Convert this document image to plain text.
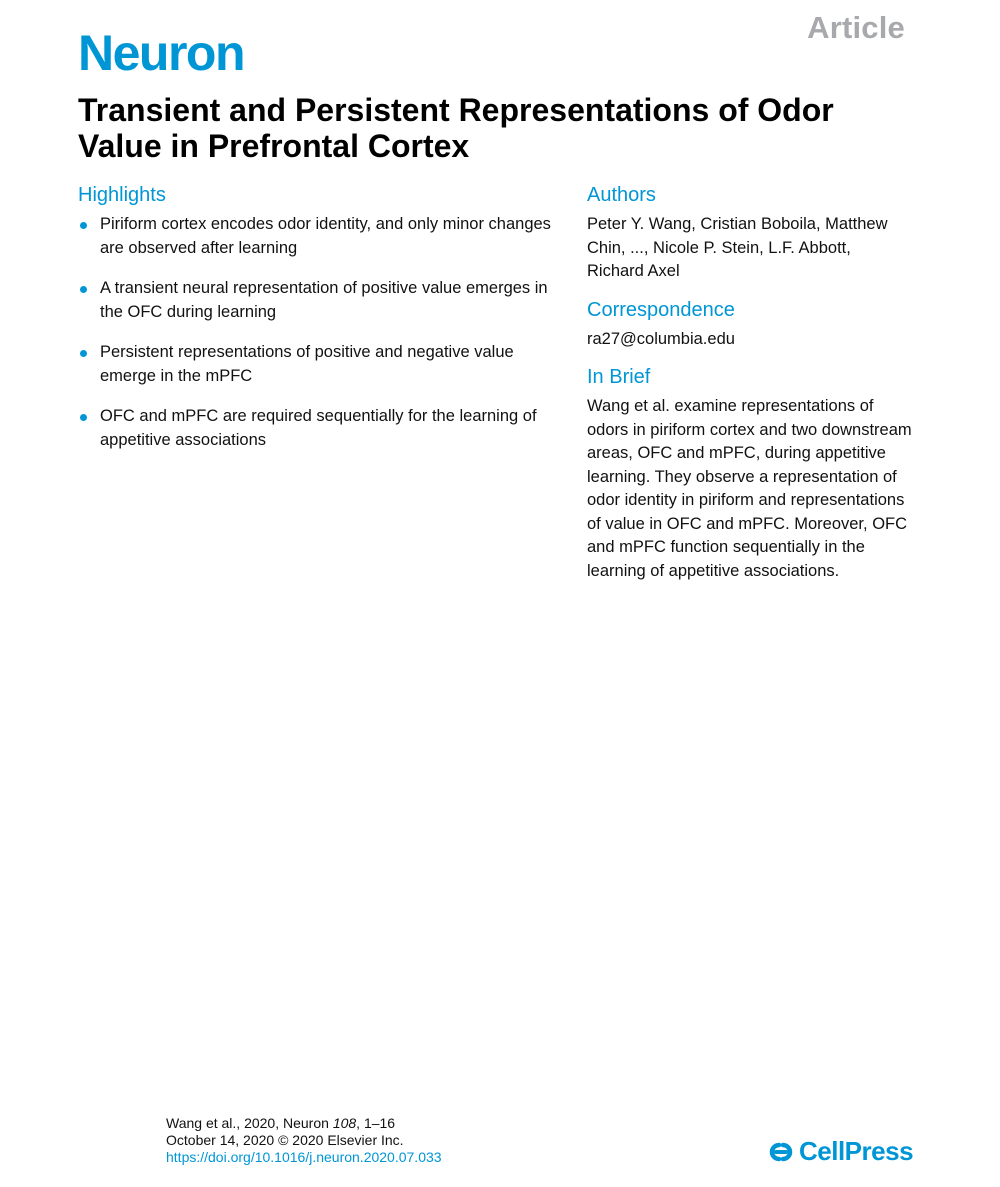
Article
Neuron
Transient and Persistent Representations of Odor Value in Prefrontal Cortex
Highlights
Piriform cortex encodes odor identity, and only minor changes are observed after learning
A transient neural representation of positive value emerges in the OFC during learning
Persistent representations of positive and negative value emerge in the mPFC
OFC and mPFC are required sequentially for the learning of appetitive associations
Authors

Peter Y. Wang, Cristian Boboila, Matthew Chin, ..., Nicole P. Stein, L.F. Abbott, Richard Axel

Correspondence

ra27@columbia.edu

In Brief

Wang et al. examine representations of odors in piriform cortex and two downstream areas, OFC and mPFC, during appetitive learning. They observe a representation of odor identity in piriform and representations of value in OFC and mPFC. Moreover, OFC and mPFC function sequentially in the learning of appetitive associations.

Wang et al., 2020, Neuron 108, 1–16
October 14, 2020 © 2020 Elsevier Inc.
https://doi.org/10.1016/j.neuron.2020.07.033	CellPress
